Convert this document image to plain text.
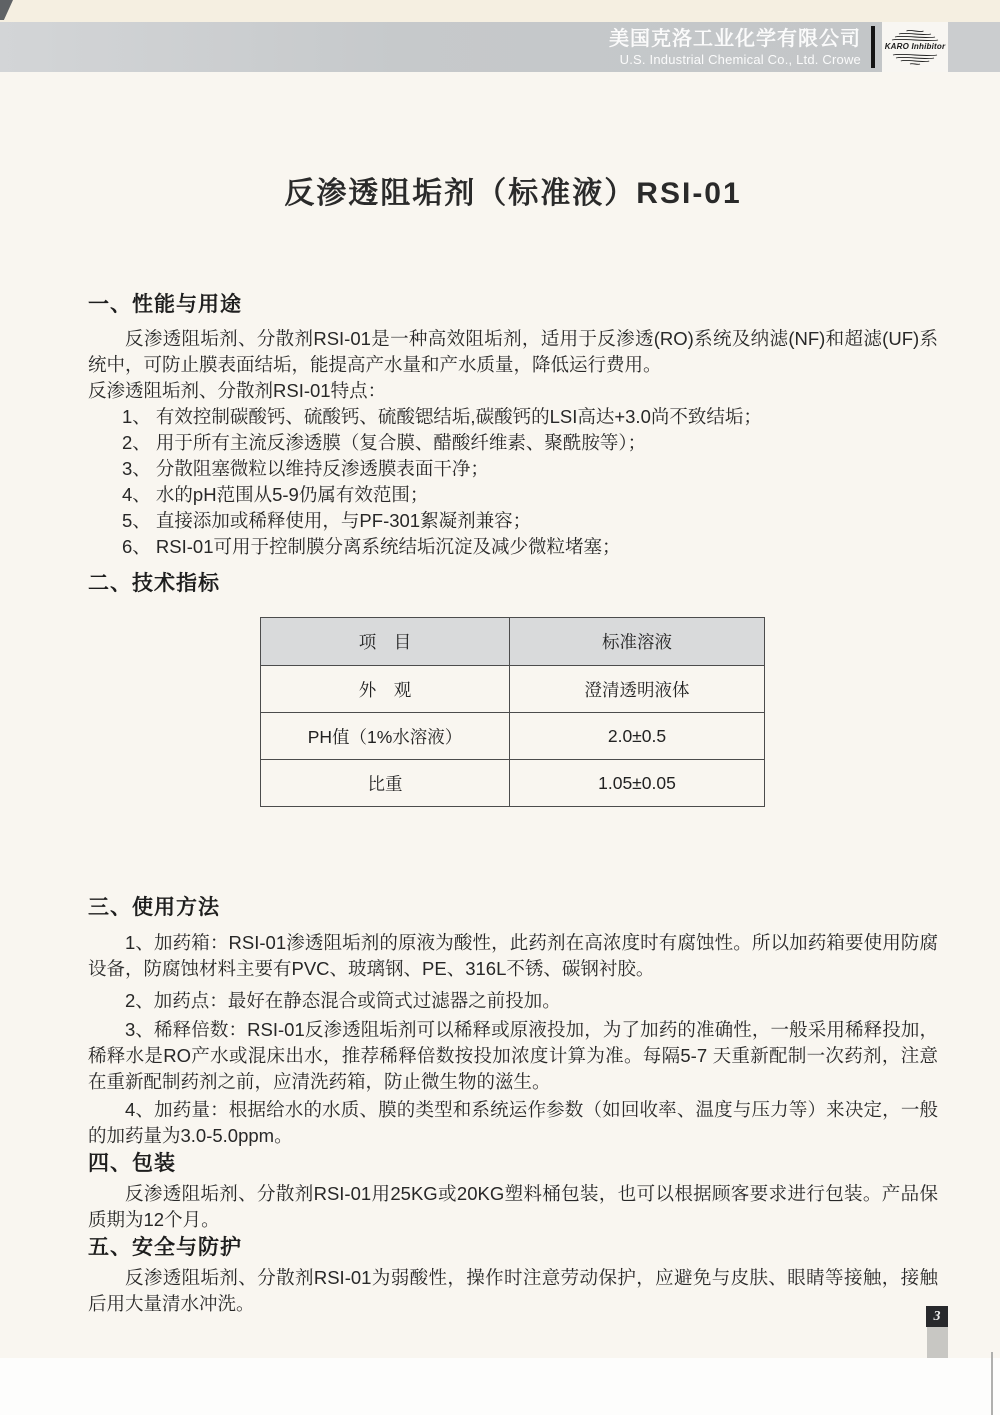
美国克洛工业化学有限公司
U.S. Industrial Chemical Co., Ltd. Crowe
KARO Inhibitor
反渗透阻垢剂（标准液）RSI-01
一、性能与用途

反渗透阻垢剂、分散剂RSI-01是一种高效阻垢剂，适用于反渗透(RO)系统及纳滤(NF)和超滤(UF)系统中，可防止膜表面结垢，能提高产水量和产水质量，降低运行费用。

反渗透阻垢剂、分散剂RSI-01特点：

1、 有效控制碳酸钙、硫酸钙、硫酸锶结垢,碳酸钙的LSI高达+3.0尚不致结垢；

2、 用于所有主流反渗透膜（复合膜、醋酸纤维素、聚酰胺等）；

3、 分散阻塞微粒以维持反渗透膜表面干净；

4、 水的pH范围从5-9仍属有效范围；

5、 直接添加或稀释使用，与PF-301絮凝剂兼容；

6、 RSI-01可用于控制膜分离系统结垢沉淀及减少微粒堵塞；

二、技术指标
项　目	标准溶液
外　观	澄清透明液体
PH值（1%水溶液）	2.0±0.5
比重	1.05±0.05
三、使用方法

1、加药箱：RSI-01渗透阻垢剂的原液为酸性，此药剂在高浓度时有腐蚀性。所以加药箱要使用防腐设备，防腐蚀材料主要有PVC、玻璃钢、PE、316L不锈、碳钢衬胶。

2、加药点：最好在静态混合或筒式过滤器之前投加。

3、稀释倍数：RSI-01反渗透阻垢剂可以稀释或原液投加，为了加药的准确性，一般采用稀释投加，稀释水是RO产水或混床出水，推荐稀释倍数按投加浓度计算为准。每隔5-7 天重新配制一次药剂，注意在重新配制药剂之前，应清洗药箱，防止微生物的滋生。

4、加药量：根据给水的水质、膜的类型和系统运作参数（如回收率、温度与压力等）来决定，一般的加药量为3.0-5.0ppm。

四、包装

反渗透阻垢剂、分散剂RSI-01用25KG或20KG塑料桶包装，也可以根据顾客要求进行包装。产品保质期为12个月。

五、安全与防护

反渗透阻垢剂、分散剂RSI-01为弱酸性，操作时注意劳动保护，应避免与皮肤、眼睛等接触，接触后用大量清水冲洗。

3
